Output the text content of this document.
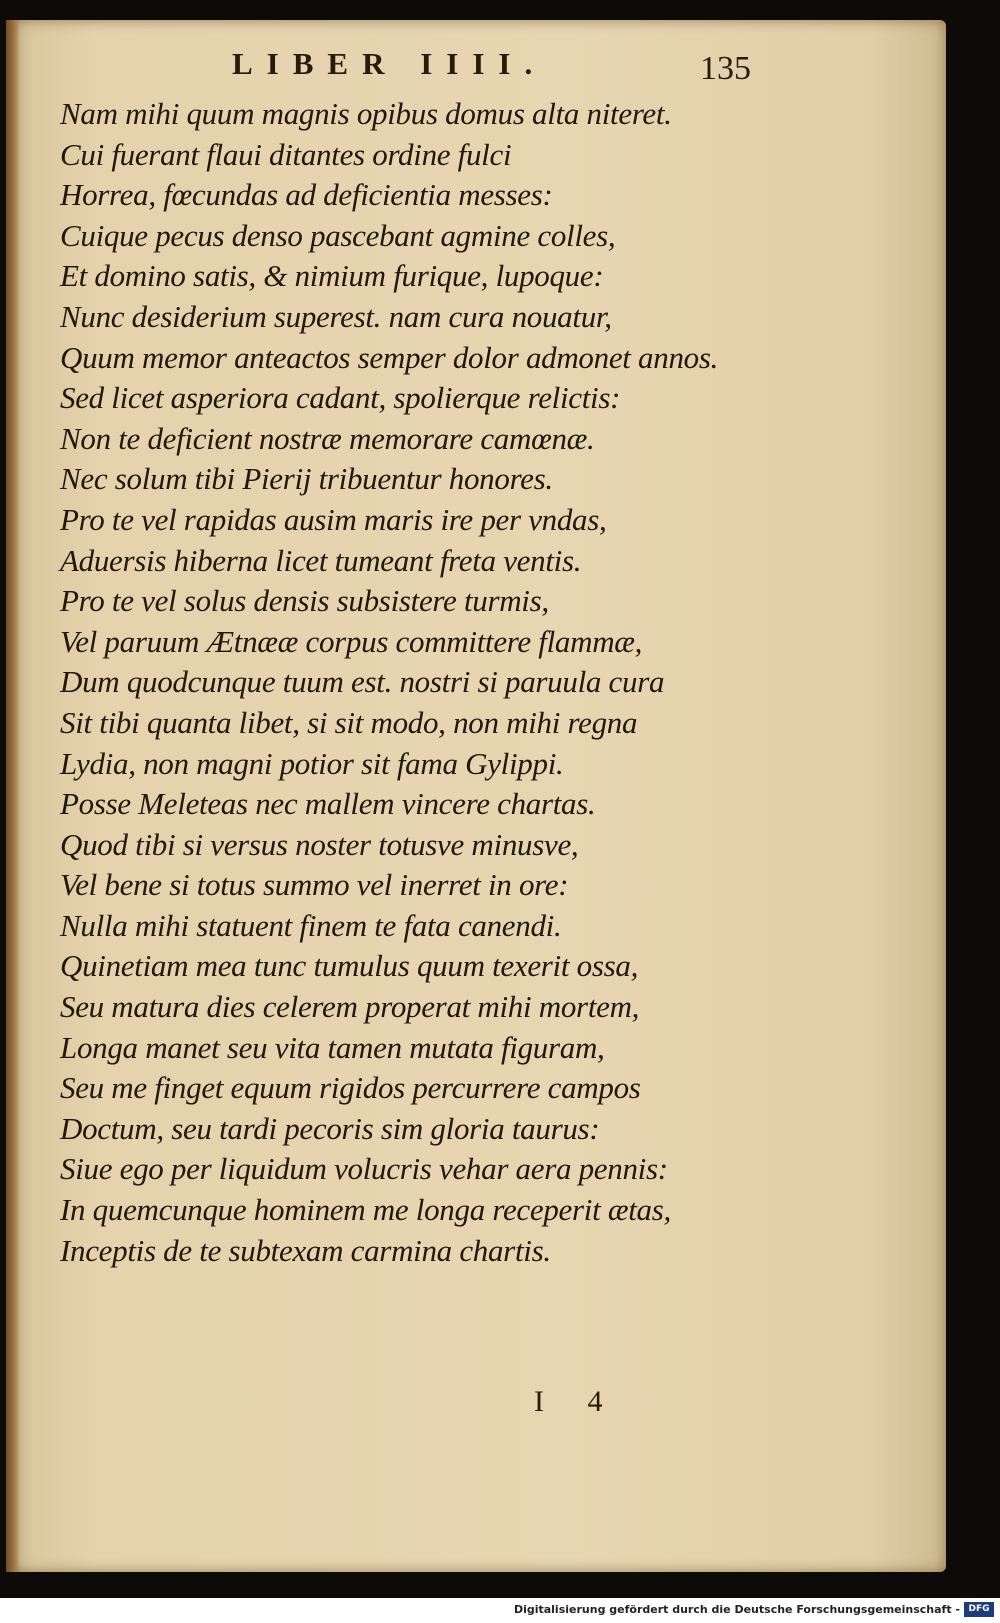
LIBER IIII.	135
Nam mihi quum magnis opibus domus alta niteret.
Cui fuerant flaui ditantes ordine fulci
Horrea, fœcundas ad deficientia messes:
Cuique pecus denso pascebant agmine colles,
Et domino satis, & nimium furique, lupoque:
Nunc desiderium superest. nam cura nouatur,
Quum memor anteactos semper dolor admonet annos.
Sed licet asperiora cadant, spolierque relictis:
Non te deficient nostræ memorare camœnæ.
Nec solum tibi Pierij tribuentur honores.
Pro te vel rapidas ausim maris ire per vndas,
Aduersis hiberna licet tumeant freta ventis.
Pro te vel solus densis subsistere turmis,
Vel paruum Ætnææ corpus committere flammæ,
Dum quodcunque tuum est. nostri si paruula cura
Sit tibi quanta libet, si sit modo, non mihi regna
Lydia, non magni potior sit fama Gylippi.
Posse Meleteas nec mallem vincere chartas.
Quod tibi si versus noster totusve minusve,
Vel bene si totus summo vel inerret in ore:
Nulla mihi statuent finem te fata canendi.
Quinetiam mea tunc tumulus quum texerit ossa,
Seu matura dies celerem properat mihi mortem,
Longa manet seu vita tamen mutata figuram,
Seu me finget equum rigidos percurrere campos
Doctum, seu tardi pecoris sim gloria taurus:
Siue ego per liquidum volucris vehar aera pennis:
In quemcunque hominem me longa receperit ætas,
Inceptis de te subtexam carmina chartis.
I 4
Digitalisierung gefördert durch die Deutsche Forschungsgemeinschaft - DFG
